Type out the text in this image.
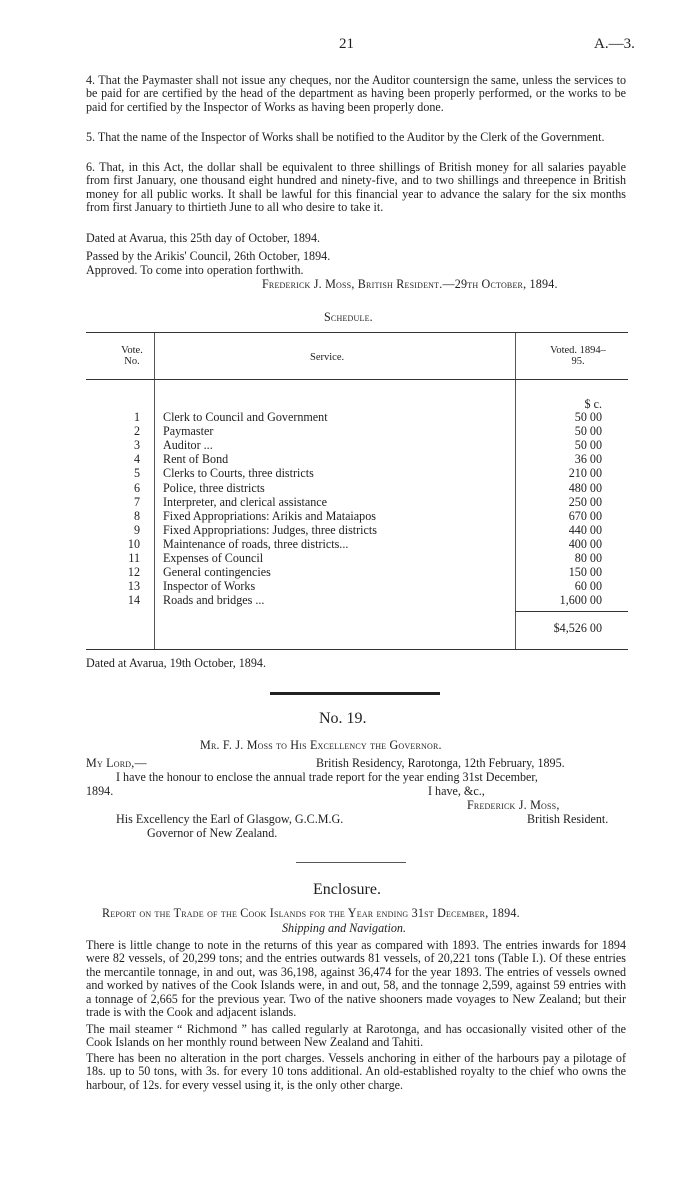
21	A.—3.
4. That the Paymaster shall not issue any cheques, nor the Auditor countersign the same, unless the services to be paid for are certified by the head of the department as having been properly performed, or the works to be paid for certified by the Inspector of Works as having been properly done.
5. That the name of the Inspector of Works shall be notified to the Auditor by the Clerk of the Government.
6. That, in this Act, the dollar shall be equivalent to three shillings of British money for all salaries payable from first January, one thousand eight hundred and ninety-five, and to two shillings and threepence in British money for all public works. It shall be lawful for this financial year to advance the salary for the six months from first January to thirtieth June to all who desire to take it.
Dated at Avarua, this 25th day of October, 1894.
Passed by the Arikis' Council, 26th October, 1894.
Approved. To come into operation forthwith.
Frederick J. Moss, British Resident.—29th October, 1894.
Schedule.
Vote. No.	Service.
Voted. 1894–95.
$ c.
1 Clerk to Council and Government	50 00
2 Paymaster	50 00
3 Auditor ...	50 00
4 Rent of Bond	36 00
5 Clerks to Courts, three districts	210 00
6 Police, three districts	480 00
7 Interpreter, and clerical assistance	250 00
8 Fixed Appropriations: Arikis and Mataiapos	670 00
9 Fixed Appropriations: Judges, three districts	440 00
10 Maintenance of roads, three districts...	400 00
11 Expenses of Council	80 00
12 General contingencies	150 00
13 Inspector of Works	60 00
14 Roads and bridges ...	1,600 00
$4,526 00
Dated at Avarua, 19th October, 1894.
No. 19.
Mr. F. J. Moss to His Excellency the Governor.
My Lord,—	British Residency, Rarotonga, 12th February, 1895.
I have the honour to enclose the annual trade report for the year ending 31st December,
1894.	I have, &c.,
Frederick J. Moss,
British Resident.
His Excellency the Earl of Glasgow, G.C.M.G.
Governor of New Zealand.
Enclosure.
Report on the Trade of the Cook Islands for the Year ending 31st December, 1894.
Shipping and Navigation.
There is little change to note in the returns of this year as compared with 1893. The entries inwards for 1894 were 82 vessels, of 20,299 tons; and the entries outwards 81 vessels, of 20,221 tons (Table I.). Of these entries the mercantile tonnage, in and out, was 36,198, against 36,474 for the year 1893. The entries of vessels owned and worked by natives of the Cook Islands were, in and out, 58, and the tonnage 2,599, against 59 entries with a tonnage of 2,665 for the previous year. Two of the native shooners made voyages to New Zealand; but their trade is with the Cook and adjacent islands.
The mail steamer “ Richmond ” has called regularly at Rarotonga, and has occasionally visited other of the Cook Islands on her monthly round between New Zealand and Tahiti.
There has been no alteration in the port charges. Vessels anchoring in either of the harbours pay a pilotage of 18s. up to 50 tons, with 3s. for every 10 tons additional. An old-established royalty to the chief who owns the harbour, of 12s. for every vessel using it, is the only other charge.
